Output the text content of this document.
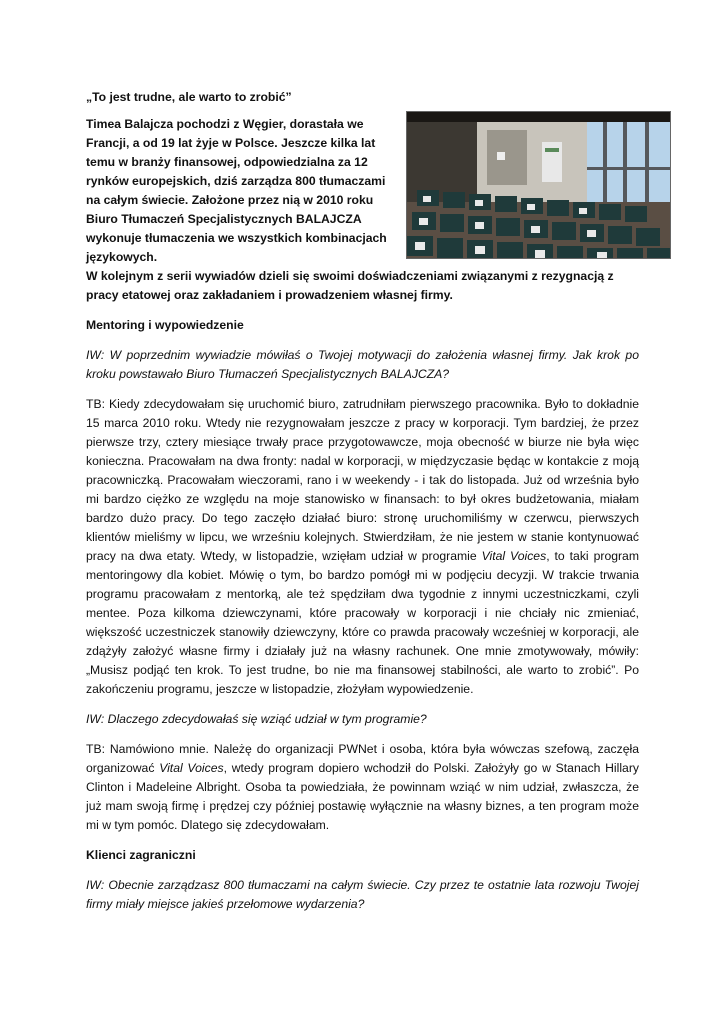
„To jest trudne, ale warto to zrobić”

Timea Balajcza pochodzi z Węgier, dorastała we Francji, a od 19 lat żyje w Polsce. Jeszcze kilka lat temu w branży finansowej, odpowiedzialna za 12 rynków europejskich, dziś zarządza 800 tłumaczami na całym świecie. Założone przez nią w 2010 roku Biuro Tłumaczeń Specjalistycznych BALAJCZA wykonuje tłumaczenia we wszystkich kombinacjach językowych.
W kolejnym z serii wywiadów dzieli się swoimi doświadczeniami związanymi z rezygnacją z pracy etatowej oraz zakładaniem i prowadzeniem własnej firmy.

Mentoring i wypowiedzenie

IW: W poprzednim wywiadzie mówiłaś o Twojej motywacji do założenia własnej firmy. Jak krok po kroku powstawało Biuro Tłumaczeń Specjalistycznych BALAJCZA?

TB: Kiedy zdecydowałam się uruchomić biuro, zatrudniłam pierwszego pracownika. Było to dokładnie 15 marca 2010 roku. Wtedy nie rezygnowałam jeszcze z pracy w korporacji. Tym bardziej, że przez pierwsze trzy, cztery miesiące trwały prace przygotowawcze, moja obecność w biurze nie była więc konieczna. Pracowałam na dwa fronty: nadal w korporacji, w międzyczasie będąc w kontakcie z moją pracowniczką. Pracowałam wieczorami, rano i w weekendy - i tak do listopada. Już od września było mi bardzo ciężko ze względu na moje stanowisko w finansach: to był okres budżetowania, miałam bardzo dużo pracy. Do tego zaczęło działać biuro: stronę uruchomiliśmy w czerwcu, pierwszych klientów mieliśmy w lipcu, we wrześniu kolejnych. Stwierdziłam, że nie jestem w stanie kontynuować pracy na dwa etaty. Wtedy, w listopadzie, wzięłam udział w programie Vital Voices, to taki program mentoringowy dla kobiet. Mówię o tym, bo bardzo pomógł mi w podjęciu decyzji. W trakcie trwania programu pracowałam z mentorką, ale też spędziłam dwa tygodnie z innymi uczestniczkami, czyli mentee. Poza kilkoma dziewczynami, które pracowały w korporacji i nie chciały nic zmieniać, większość uczestniczek stanowiły dziewczyny, które co prawda pracowały wcześniej w korporacji, ale zdążyły założyć własne firmy i działały już na własny rachunek. One mnie zmotywowały, mówiły: „Musisz podjąć ten krok. To jest trudne, bo nie ma finansowej stabilności, ale warto to zrobić”. Po zakończeniu programu, jeszcze w listopadzie, złożyłam wypowiedzenie.

IW: Dlaczego zdecydowałaś się wziąć udział w tym programie?

TB: Namówiono mnie. Należę do organizacji PWNet i osoba, która była wówczas szefową, zaczęła organizować Vital Voices, wtedy program dopiero wchodził do Polski. Założyły go w Stanach Hillary Clinton i Madeleine Albright. Osoba ta powiedziała, że powinnam wziąć w nim udział, zwłaszcza, że już mam swoją firmę i prędzej czy później postawię wyłącznie na własny biznes, a ten program może mi w tym pomóc. Dlatego się zdecydowałam.

Klienci zagraniczni

IW: Obecnie zarządzasz 800 tłumaczami na całym świecie. Czy przez te ostatnie lata rozwoju Twojej firmy miały miejsce jakieś przełomowe wydarzenia?
